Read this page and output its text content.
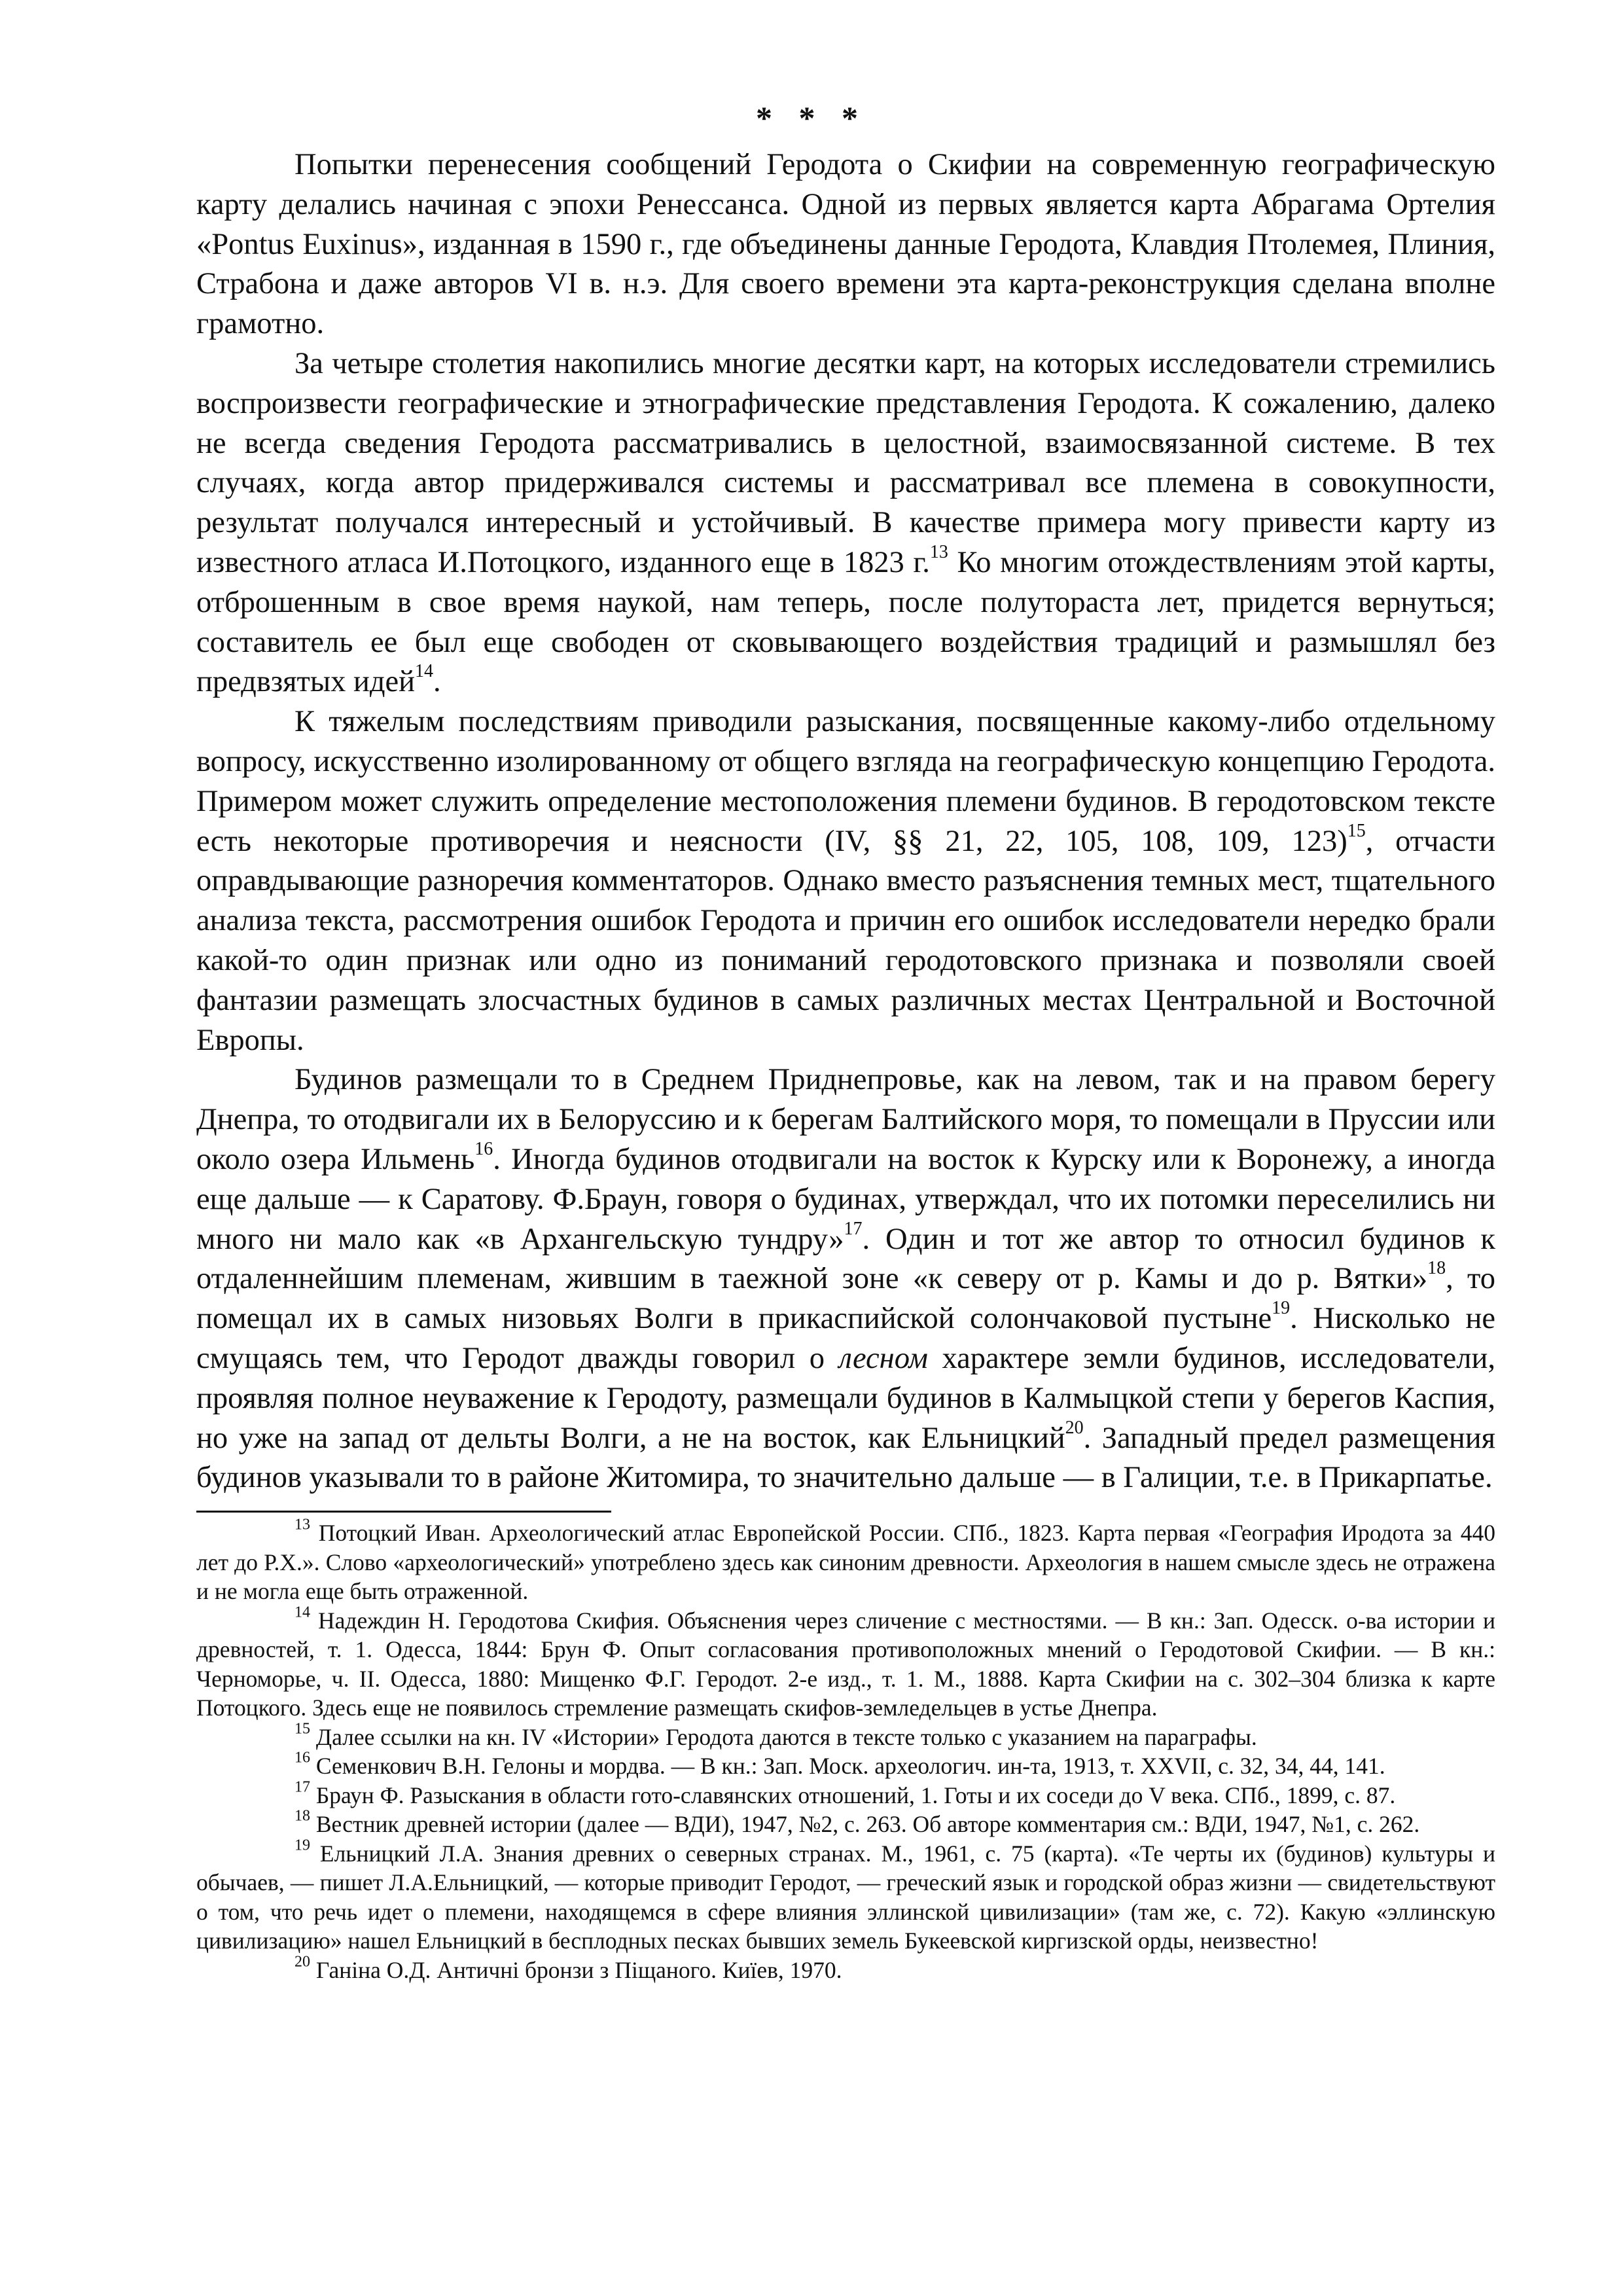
* * *

Попытки перенесения сообщений Геродота о Скифии на современную географическую карту делались начиная с эпохи Ренессанса. Одной из первых является карта Абрагама Ортелия «Pontus Euxinus», изданная в 1590 г., где объединены данные Геродота, Клавдия Птолемея, Плиния, Страбона и даже авторов VI в. н.э. Для своего времени эта карта-реконструкция сделана вполне грамотно.

За четыре столетия накопились многие десятки карт, на которых исследователи стремились воспроизвести географические и этнографические представления Геродота. К сожалению, далеко не всегда сведения Геродота рассматривались в целостной, взаимосвязанной системе. В тех случаях, когда автор придерживался системы и рассматривал все племена в совокупности, результат получался интересный и устойчивый. В качестве примера могу привести карту из известного атласа И.Потоцкого, изданного еще в 1823 г.$^{13}$ Ко многим отождествлениям этой карты, отброшенным в свое время наукой, нам теперь, после полутораста лет, придется вернуться; составитель ее был еще свободен от сковывающего воздействия традиций и размышлял без предвзятых идей$^{14}$.

К тяжелым последствиям приводили разыскания, посвященные какому-либо отдельному вопросу, искусственно изолированному от общего взгляда на географическую концепцию Геродота. Примером может служить определение местоположения племени будинов. В геродотовском тексте есть некоторые противоречия и неясности (IV, §§ 21, 22, 105, 108, 109, 123)$^{15}$, отчасти оправдывающие разноречия комментаторов. Однако вместо разъяснения темных мест, тщательного анализа текста, рассмотрения ошибок Геродота и причин его ошибок исследователи нередко брали какой-то один признак или одно из пониманий геродотовского признака и позволяли своей фантазии размещать злосчастных будинов в самых различных местах Центральной и Восточной Европы.

Будинов размещали то в Среднем Приднепровье, как на левом, так и на правом берегу Днепра, то отодвигали их в Белоруссию и к берегам Балтийского моря, то помещали в Пруссии или около озера Ильмень$^{16}$. Иногда будинов отодвигали на восток к Курску или к Воронежу, а иногда еще дальше — к Саратову. Ф.Браун, говоря о будинах, утверждал, что их потомки переселились ни много ни мало как «в Архангельскую тундру»$^{17}$. Один и тот же автор то относил будинов к отдаленнейшим племенам, жившим в таежной зоне «к северу от р. Камы и до р. Вятки»$^{18}$, то помещал их в самых низовьях Волги в прикаспийской солончаковой пустыне$^{19}$. Нисколько не смущаясь тем, что Геродот дважды говорил о лесном характере земли будинов, исследователи, проявляя полное неуважение к Геродоту, размещали будинов в Калмыцкой степи у берегов Каспия, но уже на запад от дельты Волги, а не на восток, как Ельницкий$^{20}$. Западный предел размещения будинов указывали то в районе Житомира, то значительно дальше — в Галиции, т.е. в Прикарпатье.

$^{13}$ Потоцкий Иван. Археологический атлас Европейской России. СПб., 1823. Карта первая «География Иродота за 440 лет до Р.Х.». Слово «археологический» употреблено здесь как синоним древности. Археология в нашем смысле здесь не отражена и не могла еще быть отраженной.

$^{14}$ Надеждин Н. Геродотова Скифия. Объяснения через сличение с местностями. — В кн.: Зап. Одесск. о-ва истории и древностей, т. 1. Одесса, 1844: Брун Ф. Опыт согласования противоположных мнений о Геродотовой Скифии. — В кн.: Черноморье, ч. II. Одесса, 1880: Мищенко Ф.Г. Геродот. 2-е изд., т. 1. М., 1888. Карта Скифии на с. 302–304 близка к карте Потоцкого. Здесь еще не появилось стремление размещать скифов-земледельцев в устье Днепра.

$^{15}$ Далее ссылки на кн. IV «Истории» Геродота даются в тексте только с указанием на параграфы.

$^{16}$ Семенкович В.Н. Гелоны и мордва. — В кн.: Зап. Моск. археологич. ин-та, 1913, т. XXVII, с. 32, 34, 44, 141.

$^{17}$ Браун Ф. Разыскания в области гото-славянских отношений, 1. Готы и их соседи до V века. СПб., 1899, с. 87.

$^{18}$ Вестник древней истории (далее — ВДИ), 1947, №2, с. 263. Об авторе комментария см.: ВДИ, 1947, №1, с. 262.

$^{19}$ Ельницкий Л.А. Знания древних о северных странах. М., 1961, с. 75 (карта). «Те черты их (будинов) культуры и обычаев, — пишет Л.А.Ельницкий, — которые приводит Геродот, — греческий язык и городской образ жизни — свидетельствуют о том, что речь идет о племени, находящемся в сфере влияния эллинской цивилизации» (там же, с. 72). Какую «эллинскую цивилизацию» нашел Ельницкий в бесплодных песках бывших земель Букеевской киргизской орды, неизвестно!

$^{20}$ Ганіна О.Д. Античні бронзи з Піщаного. Киïев, 1970.
